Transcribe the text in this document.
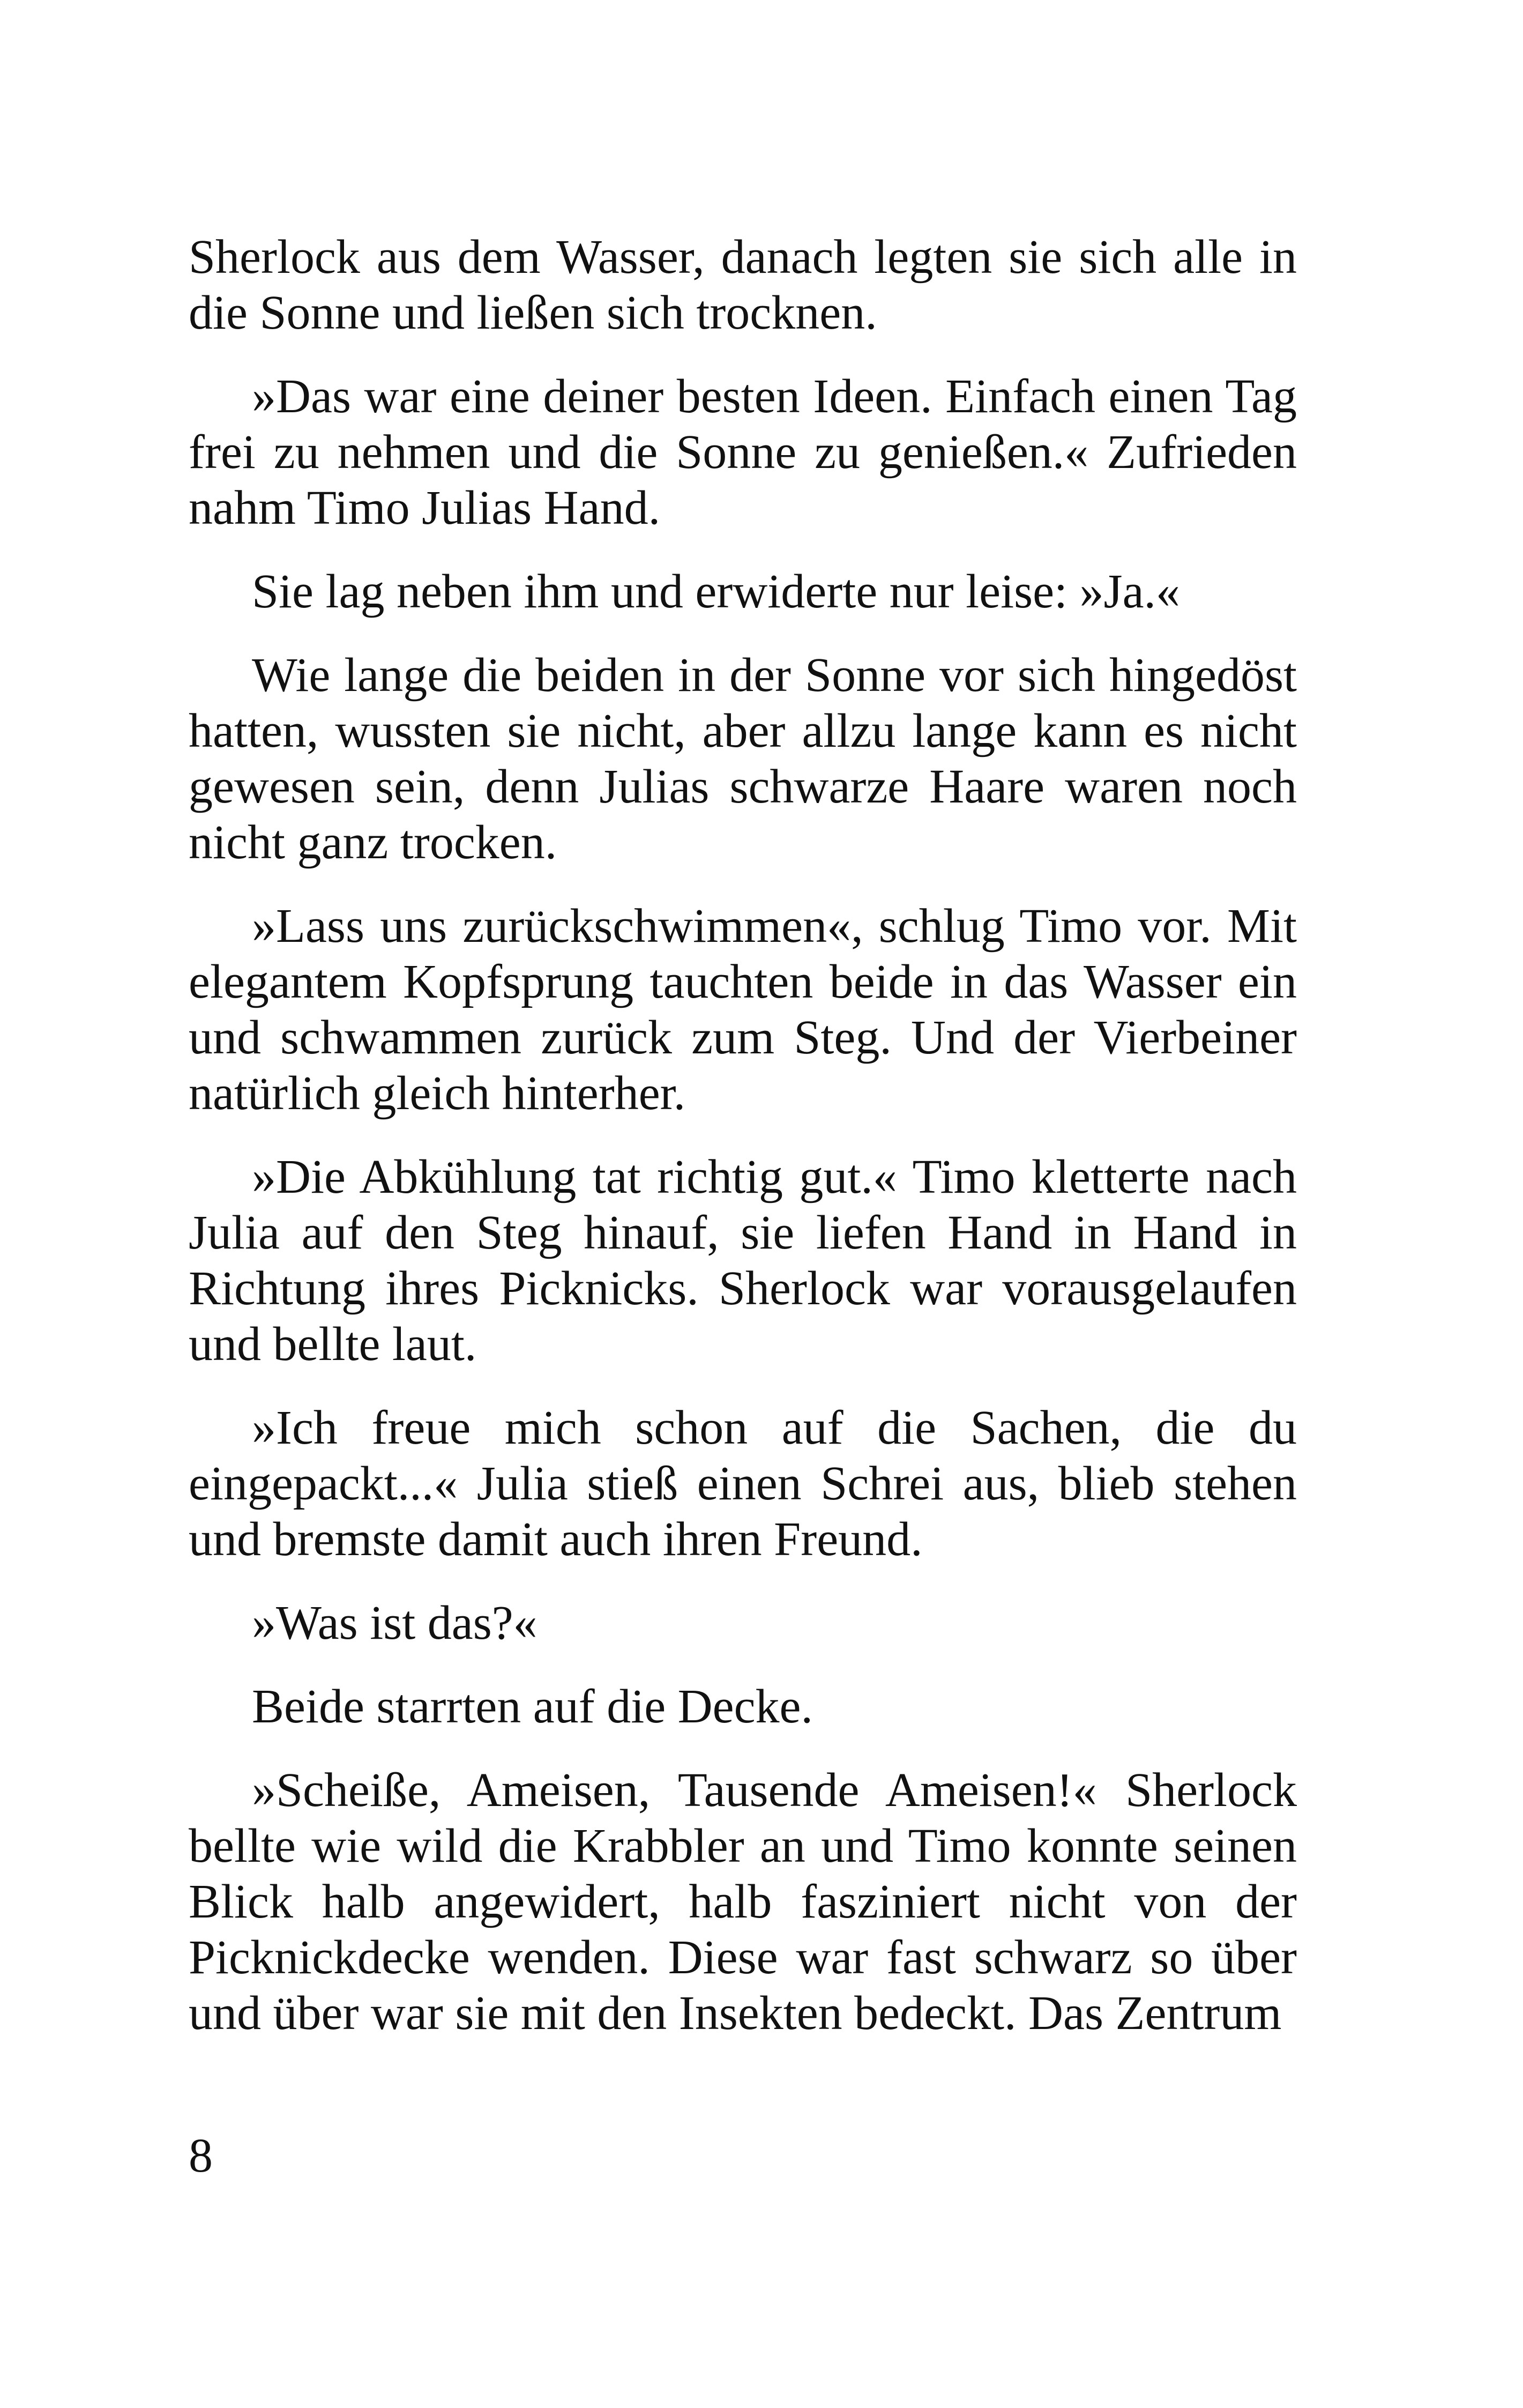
Sherlock aus dem Wasser, danach legten sie sich alle in die Sonne und ließen sich trocknen.

»Das war eine deiner besten Ideen. Einfach einen Tag frei zu nehmen und die Sonne zu genießen.« Zufrieden nahm Timo Julias Hand.

Sie lag neben ihm und erwiderte nur leise: »Ja.«

Wie lange die beiden in der Sonne vor sich hingedöst hatten, wussten sie nicht, aber allzu lange kann es nicht gewesen sein, denn Julias schwarze Haare waren noch nicht ganz trocken.

»Lass uns zurückschwimmen«, schlug Timo vor. Mit elegantem Kopfsprung tauchten beide in das Wasser ein und schwammen zurück zum Steg. Und der Vierbeiner natürlich gleich hinterher.

»Die Abkühlung tat richtig gut.« Timo kletterte nach Julia auf den Steg hinauf, sie liefen Hand in Hand in Richtung ihres Picknicks. Sherlock war vorausgelaufen und bellte laut.

»Ich freue mich schon auf die Sachen, die du eingepackt...« Julia stieß einen Schrei aus, blieb stehen und bremste damit auch ihren Freund.

»Was ist das?«

Beide starrten auf die Decke.

»Scheiße, Ameisen, Tausende Ameisen!« Sherlock bellte wie wild die Krabbler an und Timo konnte seinen Blick halb angewidert, halb fasziniert nicht von der Picknickdecke wenden. Diese war fast schwarz so über und über war sie mit den Insekten bedeckt. Das Zentrum

8
